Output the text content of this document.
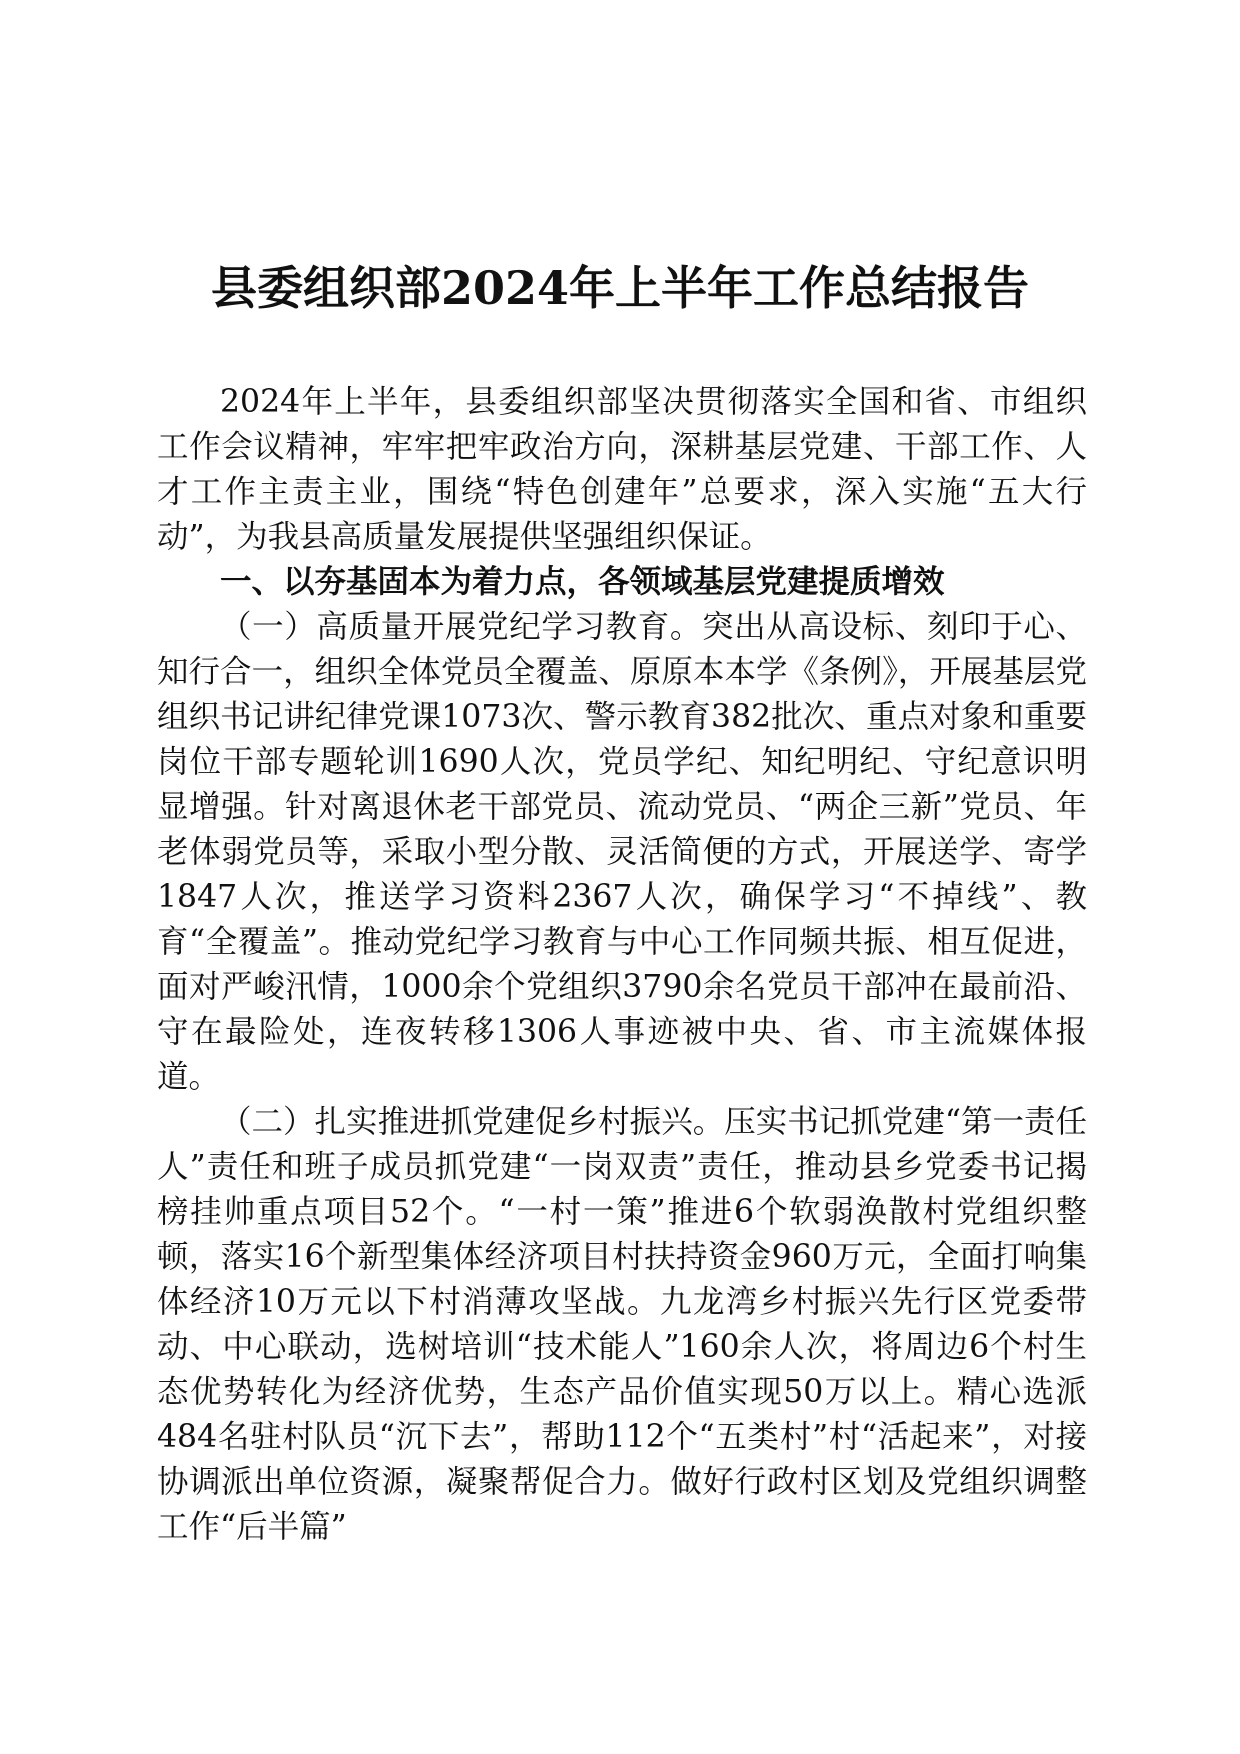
县委组织部2024年上半年工作总结报告

2024年上半年，县委组织部坚决贯彻落实全国和省、市组织工作会议精神，牢牢把牢政治方向，深耕基层党建、干部工作、人才工作主责主业，围绕“特色创建年”总要求，深入实施“五大行动”，为我县高质量发展提供坚强组织保证。

一、以夯基固本为着力点，各领域基层党建提质增效

（一）高质量开展党纪学习教育。突出从高设标、刻印于心、知行合一，组织全体党员全覆盖、原原本本学《条例》，开展基层党组织书记讲纪律党课1073次、警示教育382批次、重点对象和重要岗位干部专题轮训1690人次，党员学纪、知纪明纪、守纪意识明显增强。针对离退休老干部党员、流动党员、“两企三新”党员、年老体弱党员等，采取小型分散、灵活简便的方式，开展送学、寄学1847人次，推送学习资料2367人次，确保学习“不掉线”、教育“全覆盖”。推动党纪学习教育与中心工作同频共振、相互促进，面对严峻汛情，1000余个党组织3790余名党员干部冲在最前沿、守在最险处，连夜转移1306人事迹被中央、省、市主流媒体报道。

（二）扎实推进抓党建促乡村振兴。压实书记抓党建“第一责任人”责任和班子成员抓党建“一岗双责”责任，推动县乡党委书记揭榜挂帅重点项目52个。“一村一策”推进6个软弱涣散村党组织整顿，落实16个新型集体经济项目村扶持资金960万元，全面打响集体经济10万元以下村消薄攻坚战。九龙湾乡村振兴先行区党委带动、中心联动，选树培训“技术能人”160余人次，将周边6个村生态优势转化为经济优势，生态产品价值实现50万以上。精心选派484名驻村队员“沉下去”，帮助112个“五类村”村“活起来”，对接协调派出单位资源，凝聚帮促合力。做好行政村区划及党组织调整工作“后半篇”
